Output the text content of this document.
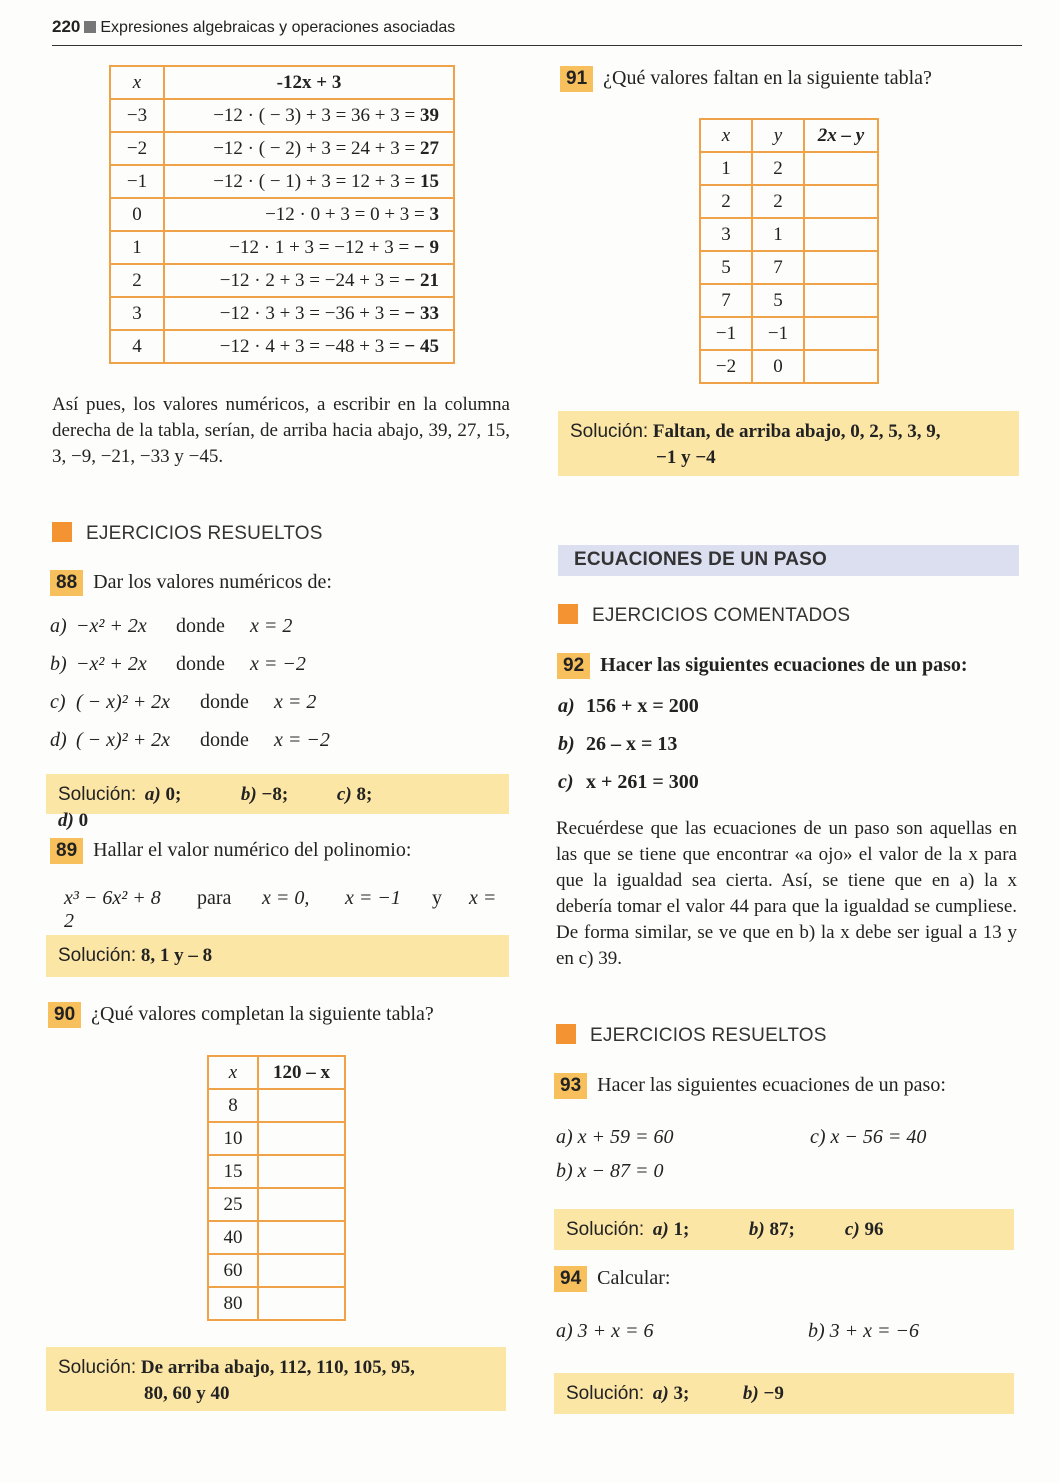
220 Expresiones algebraicas y operaciones asociadas
x	-12x + 3
−3	−12 · ( − 3) + 3 = 36 + 3 = 39
−2	−12 · ( − 2) + 3 = 24 + 3 = 27
−1	−12 · ( − 1) + 3 = 12 + 3 = 15
0	−12 · 0 + 3 = 0 + 3 = 3
1	−12 · 1 + 3 = −12 + 3 = − 9
2	−12 · 2 + 3 = −24 + 3 = − 21
3	−12 · 3 + 3 = −36 + 3 = − 33
4	−12 · 4 + 3 = −48 + 3 = − 45
Así pues, los valores numéricos, a escribir en la columna derecha de la tabla, serían, de arriba hacia abajo, 39, 27, 15, 3, −9, −21, −33 y −45.
EJERCICIOS RESUELTOS
88 Dar los valores numéricos de:
a) −x² + 2x donde x = 2
b) −x² + 2x donde x = −2
c) ( − x)² + 2x donde x = 2
d) ( − x)² + 2x donde x = −2
Solución: a) 0;	b) −8;	c) 8;d) 0
89 Hallar el valor numérico del polinomio:
x³ − 6x² + 8 para x = 0, x = −1 y x = 2
Solución: 8, 1 y – 8
90 ¿Qué valores completan la siguiente tabla?
x	120 – x
8	
10	
15	
25	
40	
60	
80	
Solución: De arriba abajo, 112, 110, 105, 95,
80, 60 y 40
91 ¿Qué valores faltan en la siguiente tabla?
x	y	2x – y
1	2	
2	2	
3	1	
5	7	
7	5	
−1	−1	
−2	0	
Solución: Faltan, de arriba abajo, 0, 2, 5, 3, 9,
−1 y −4
ECUACIONES DE UN PASO
EJERCICIOS COMENTADOS
92 Hacer las siguientes ecuaciones de un paso:
a) 156 + x = 200
b) 26 – x = 13
c) x + 261 = 300
Recuérdese que las ecuaciones de un paso son aquellas en las que se tiene que encontrar «a ojo» el valor de la x para que la igualdad sea cierta. Así, se tiene que en a) la x debería tomar el valor 44 para que la igualdad se cumpliese. De forma similar, se ve que en b) la x debe ser igual a 13 y en c) 39.
EJERCICIOS RESUELTOS
93 Hacer las siguientes ecuaciones de un paso:
a) x + 59 = 60	c) x − 56 = 40
b) x − 87 = 0
Solución: a) 1;	b) 87;	c) 96
94 Calcular:
a) 3 + x = 6	b) 3 + x = −6
Solución: a) 3;	b) −9
